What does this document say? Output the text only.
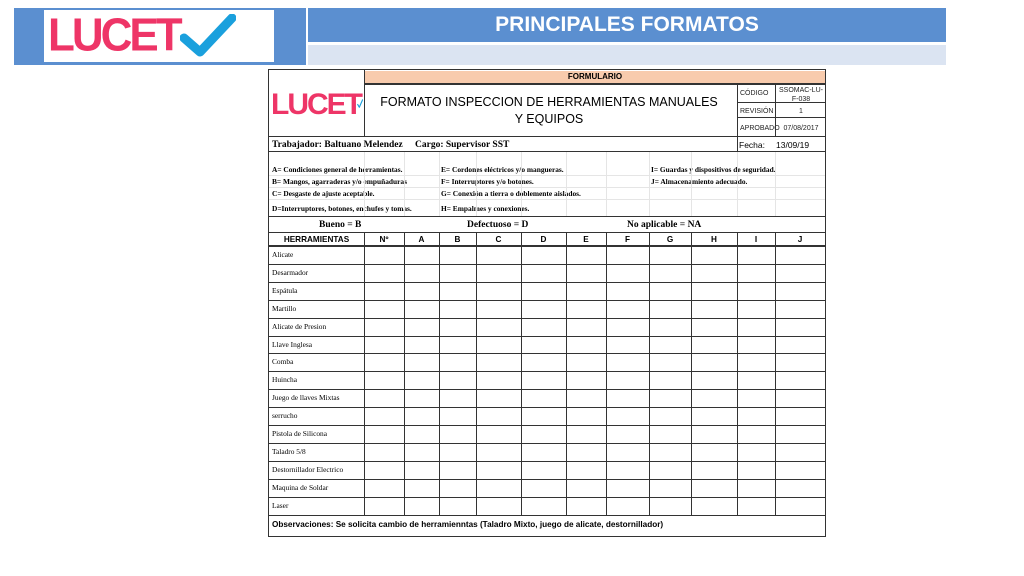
LUCET	PRINCIPALES FORMATOS
LUCET
FORMULARIO
FORMATO INSPECCION DE HERRAMIENTAS MANUALES Y EQUIPOS
CÓDIGO SSOMAC-LU-F-038
REVISIÓN	1
APROBADO 07/08/2017
Trabajador: Baltuano Melendez Cargo: Supervisor SST	Fecha: 13/09/19
A= Condiciones general de herramientas.
B= Mangos, agarraderas y/o empuñaduras
C= Desgaste de ajuste aceptable.
D=Interruptores, botones, enchufes y tomas.
E= Cordones eléctricos y/o mangueras.
F= Interruptores y/o botones.
G= Conexión a tierra o doblemente aislados.
H= Empalmes y conexiones.
I= Guardas y dispositivos de seguridad.
J= Almacenamiento adecuado.
Bueno = B	Defectuoso = D	No aplicable = NA
HERRAMIENTAS	Nº	A	B	C	D	E	F	G	H	I	J
Alicate
Desarmador
Espátula
Martillo
Alicate de Presion
Llave Inglesa
Comba
Huincha
Juego de llaves Mixtas
serrucho
Pistola de Silicona
Taladro 5/8
Destornillador Electrico
Maquina de Soldar
Laser
Observaciones: Se solicita cambio de herramienntas (Taladro Mixto, juego de alicate, destornillador)
